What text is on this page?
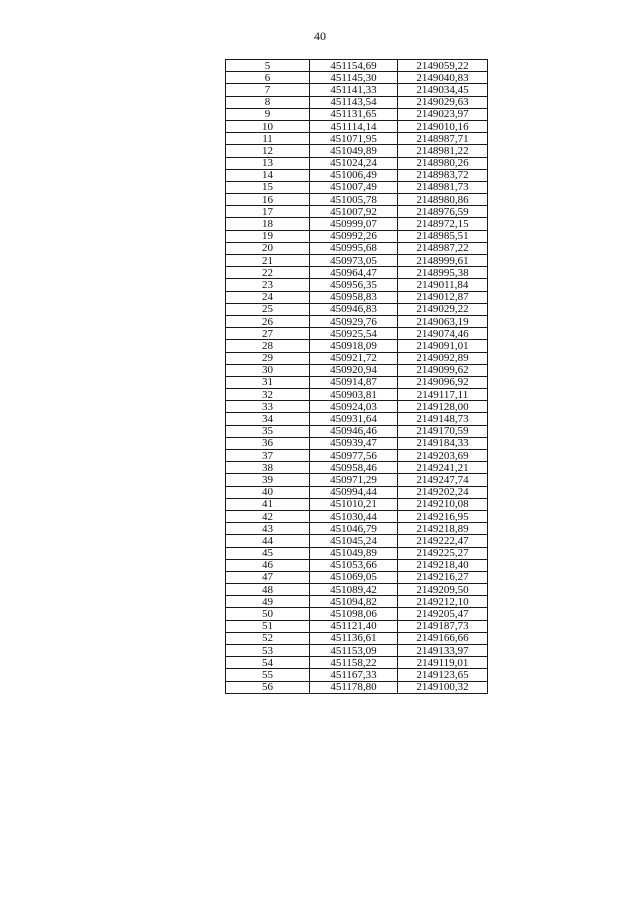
40
5	451154,69	2149059,22
6	451145,30	2149040,83
7	451141,33	2149034,45
8	451143,54	2149029,63
9	451131,65	2149023,97
10	451114,14	2149010,16
11	451071,95	2148987,71
12	451049,89	2148981,22
13	451024,24	2148980,26
14	451006,49	2148983,72
15	451007,49	2148981,73
16	451005,78	2148980,86
17	451007,92	2148976,59
18	450999,07	2148972,15
19	450992,26	2148985,51
20	450995,68	2148987,22
21	450973,05	2148999,61
22	450964,47	2148995,38
23	450956,35	2149011,84
24	450958,83	2149012,87
25	450946,83	2149029,22
26	450929,76	2149063,19
27	450925,54	2149074,46
28	450918,09	2149091,01
29	450921,72	2149092,89
30	450920,94	2149099,62
31	450914,87	2149096,92
32	450903,81	2149117,11
33	450924,03	2149128,00
34	450931,64	2149148,73
35	450946,46	2149170,59
36	450939,47	2149184,33
37	450977,56	2149203,69
38	450958,46	2149241,21
39	450971,29	2149247,74
40	450994,44	2149202,24
41	451010,21	2149210,08
42	451030,44	2149216,95
43	451046,79	2149218,89
44	451045,24	2149222,47
45	451049,89	2149225,27
46	451053,66	2149218,40
47	451069,05	2149216,27
48	451089,42	2149209,50
49	451094,82	2149212,10
50	451098,06	2149205,47
51	451121,40	2149187,73
52	451136,61	2149166,66
53	451153,09	2149133,97
54	451158,22	2149119,01
55	451167,33	2149123,65
56	451178,80	2149100,32
